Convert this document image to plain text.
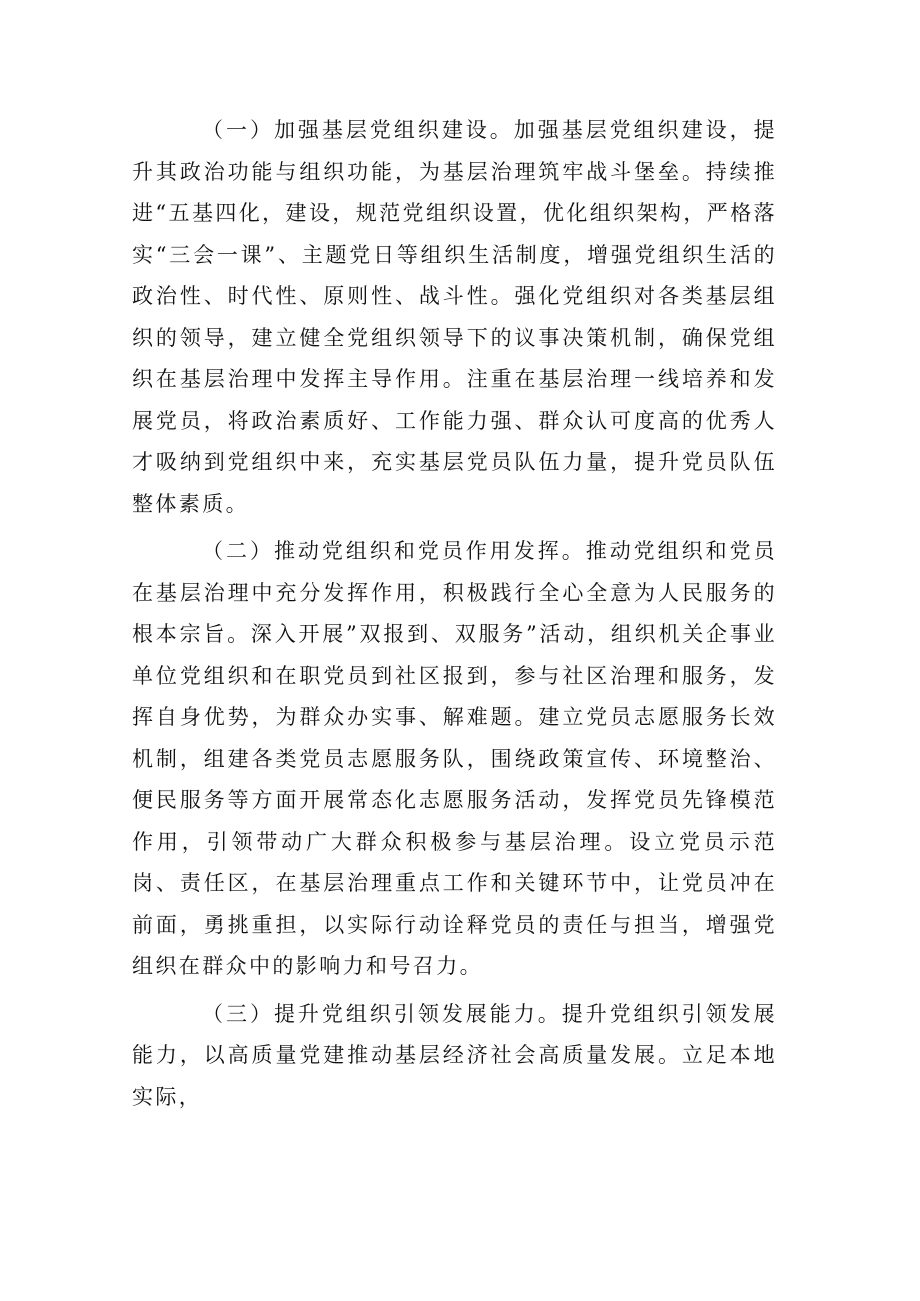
（一）加强基层党组织建设。加强基层党组织建设，提升其政治功能与组织功能，为基层治理筑牢战斗堡垒。持续推进“五基四化，建设，规范党组织设置，优化组织架构，严格落实“三会一课”、主题党日等组织生活制度，增强党组织生活的政治性、时代性、原则性、战斗性。强化党组织对各类基层组织的领导，建立健全党组织领导下的议事决策机制，确保党组织在基层治理中发挥主导作用。注重在基层治理一线培养和发展党员，将政治素质好、工作能力强、群众认可度高的优秀人才吸纳到党组织中来，充实基层党员队伍力量，提升党员队伍整体素质。

（二）推动党组织和党员作用发挥。推动党组织和党员在基层治理中充分发挥作用，积极践行全心全意为人民服务的根本宗旨。深入开展”双报到、双服务”活动，组织机关企事业单位党组织和在职党员到社区报到，参与社区治理和服务，发挥自身优势，为群众办实事、解难题。建立党员志愿服务长效机制，组建各类党员志愿服务队，围绕政策宣传、环境整治、便民服务等方面开展常态化志愿服务活动，发挥党员先锋模范作用，引领带动广大群众积极参与基层治理。设立党员示范岗、责任区，在基层治理重点工作和关键环节中，让党员冲在前面，勇挑重担，以实际行动诠释党员的责任与担当，增强党组织在群众中的影响力和号召力。

（三）提升党组织引领发展能力。提升党组织引领发展能力，以高质量党建推动基层经济社会高质量发展。立足本地实际，
